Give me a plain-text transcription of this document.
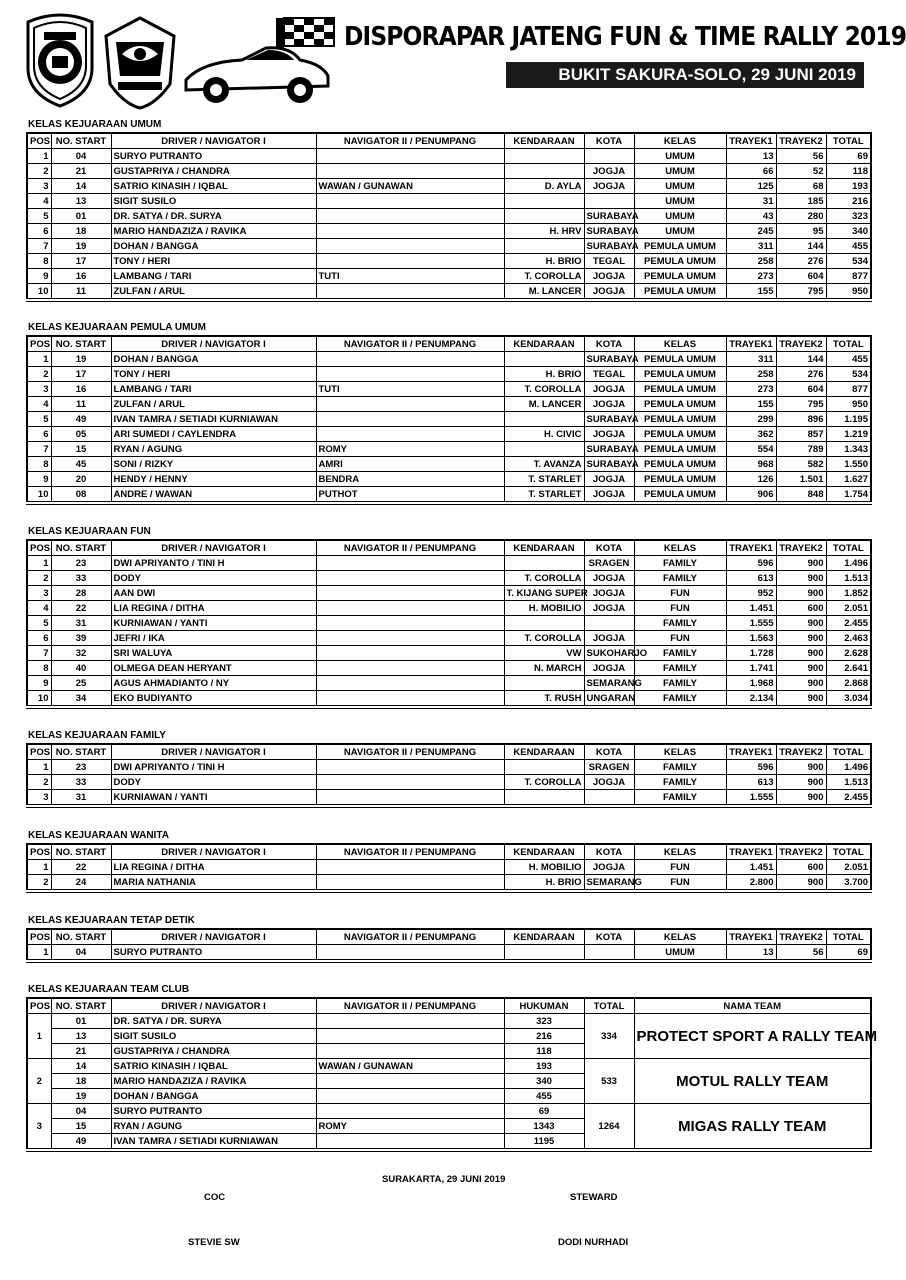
DISPORAPAR JATENG FUN & TIME RALLY 2019
BUKIT SAKURA-SOLO, 29 JUNI 2019
KELAS KEJUARAAN UMUM
POS	NO. START	DRIVER / NAVIGATOR I	NAVIGATOR II / PENUMPANG	KENDARAAN	KOTA	KELAS	TRAYEK1	TRAYEK2	TOTAL
1	04	SURYO PUTRANTO				UMUM	13	56	69
2	21	GUSTAPRIYA / CHANDRA			JOGJA	UMUM	66	52	118
3	14	SATRIO KINASIH / IQBAL	WAWAN / GUNAWAN	D. AYLA	JOGJA	UMUM	125	68	193
4	13	SIGIT SUSILO				UMUM	31	185	216
5	01	DR. SATYA / DR. SURYA			SURABAYA	UMUM	43	280	323
6	18	MARIO HANDAZIZA / RAVIKA		H. HRV	SURABAYA	UMUM	245	95	340
7	19	DOHAN / BANGGA			SURABAYA	PEMULA UMUM	311	144	455
8	17	TONY / HERI		H. BRIO	TEGAL	PEMULA UMUM	258	276	534
9	16	LAMBANG / TARI	TUTI	T. COROLLA	JOGJA	PEMULA UMUM	273	604	877
10	11	ZULFAN / ARUL		M. LANCER	JOGJA	PEMULA UMUM	155	795	950
KELAS KEJUARAAN PEMULA UMUM
POS	NO. START	DRIVER / NAVIGATOR I	NAVIGATOR II / PENUMPANG	KENDARAAN	KOTA	KELAS	TRAYEK1	TRAYEK2	TOTAL
1	19	DOHAN / BANGGA			SURABAYA	PEMULA UMUM	311	144	455
2	17	TONY / HERI		H. BRIO	TEGAL	PEMULA UMUM	258	276	534
3	16	LAMBANG / TARI	TUTI	T. COROLLA	JOGJA	PEMULA UMUM	273	604	877
4	11	ZULFAN / ARUL		M. LANCER	JOGJA	PEMULA UMUM	155	795	950
5	49	IVAN TAMRA / SETIADI KURNIAWAN			SURABAYA	PEMULA UMUM	299	896	1.195
6	05	ARI SUMEDI / CAYLENDRA		H. CIVIC	JOGJA	PEMULA UMUM	362	857	1.219
7	15	RYAN / AGUNG	ROMY		SURABAYA	PEMULA UMUM	554	789	1.343
8	45	SONI / RIZKY	AMRI	T. AVANZA	SURABAYA	PEMULA UMUM	968	582	1.550
9	20	HENDY / HENNY	BENDRA	T. STARLET	JOGJA	PEMULA UMUM	126	1.501	1.627
10	08	ANDRE / WAWAN	PUTHOT	T. STARLET	JOGJA	PEMULA UMUM	906	848	1.754
KELAS KEJUARAAN FUN
POS	NO. START	DRIVER / NAVIGATOR I	NAVIGATOR II / PENUMPANG	KENDARAAN	KOTA	KELAS	TRAYEK1	TRAYEK2	TOTAL
1	23	DWI APRIYANTO / TINI H			SRAGEN	FAMILY	596	900	1.496
2	33	DODY		T. COROLLA	JOGJA	FAMILY	613	900	1.513
3	28	AAN DWI		T. KIJANG SUPER	JOGJA	FUN	952	900	1.852
4	22	LIA REGINA / DITHA		H. MOBILIO	JOGJA	FUN	1.451	600	2.051
5	31	KURNIAWAN / YANTI				FAMILY	1.555	900	2.455
6	39	JEFRI / IKA		T. COROLLA	JOGJA	FUN	1.563	900	2.463
7	32	SRI WALUYA		VW	SUKOHARJO	FAMILY	1.728	900	2.628
8	40	OLMEGA DEAN HERYANT		N. MARCH	JOGJA	FAMILY	1.741	900	2.641
9	25	AGUS AHMADIANTO / NY			SEMARANG	FAMILY	1.968	900	2.868
10	34	EKO BUDIYANTO		T. RUSH	UNGARAN	FAMILY	2.134	900	3.034
KELAS KEJUARAAN FAMILY
POS	NO. START	DRIVER / NAVIGATOR I	NAVIGATOR II / PENUMPANG	KENDARAAN	KOTA	KELAS	TRAYEK1	TRAYEK2	TOTAL
1	23	DWI APRIYANTO / TINI H			SRAGEN	FAMILY	596	900	1.496
2	33	DODY		T. COROLLA	JOGJA	FAMILY	613	900	1.513
3	31	KURNIAWAN / YANTI				FAMILY	1.555	900	2.455
KELAS KEJUARAAN WANITA
POS	NO. START	DRIVER / NAVIGATOR I	NAVIGATOR II / PENUMPANG	KENDARAAN	KOTA	KELAS	TRAYEK1	TRAYEK2	TOTAL
1	22	LIA REGINA / DITHA		H. MOBILIO	JOGJA	FUN	1.451	600	2.051
2	24	MARIA NATHANIA		H. BRIO	SEMARANG	FUN	2.800	900	3.700
KELAS KEJUARAAN TETAP DETIK
POS	NO. START	DRIVER / NAVIGATOR I	NAVIGATOR II / PENUMPANG	KENDARAAN	KOTA	KELAS	TRAYEK1	TRAYEK2	TOTAL
1	04	SURYO PUTRANTO				UMUM	13	56	69
KELAS KEJUARAAN TEAM CLUB
POS	NO. START	DRIVER / NAVIGATOR I	NAVIGATOR II / PENUMPANG	HUKUMAN	TOTAL	NAMA TEAM
1	01	DR. SATYA / DR. SURYA		323	334	PROTECT SPORT A RALLY TEAM
	13	SIGIT SUSILO		216		
	21	GUSTAPRIYA / CHANDRA		118		
2	14	SATRIO KINASIH / IQBAL	WAWAN / GUNAWAN	193	533	MOTUL RALLY TEAM
	18	MARIO HANDAZIZA / RAVIKA		340		
	19	DOHAN / BANGGA		455		
3	04	SURYO PUTRANTO		69	1264	MIGAS RALLY TEAM
	15	RYAN / AGUNG	ROMY	1343		
	49	IVAN TAMRA / SETIADI KURNIAWAN		1195		
SURAKARTA, 29 JUNI 2019
COC	STEWARD
STEVIE SW	DODI NURHADI
